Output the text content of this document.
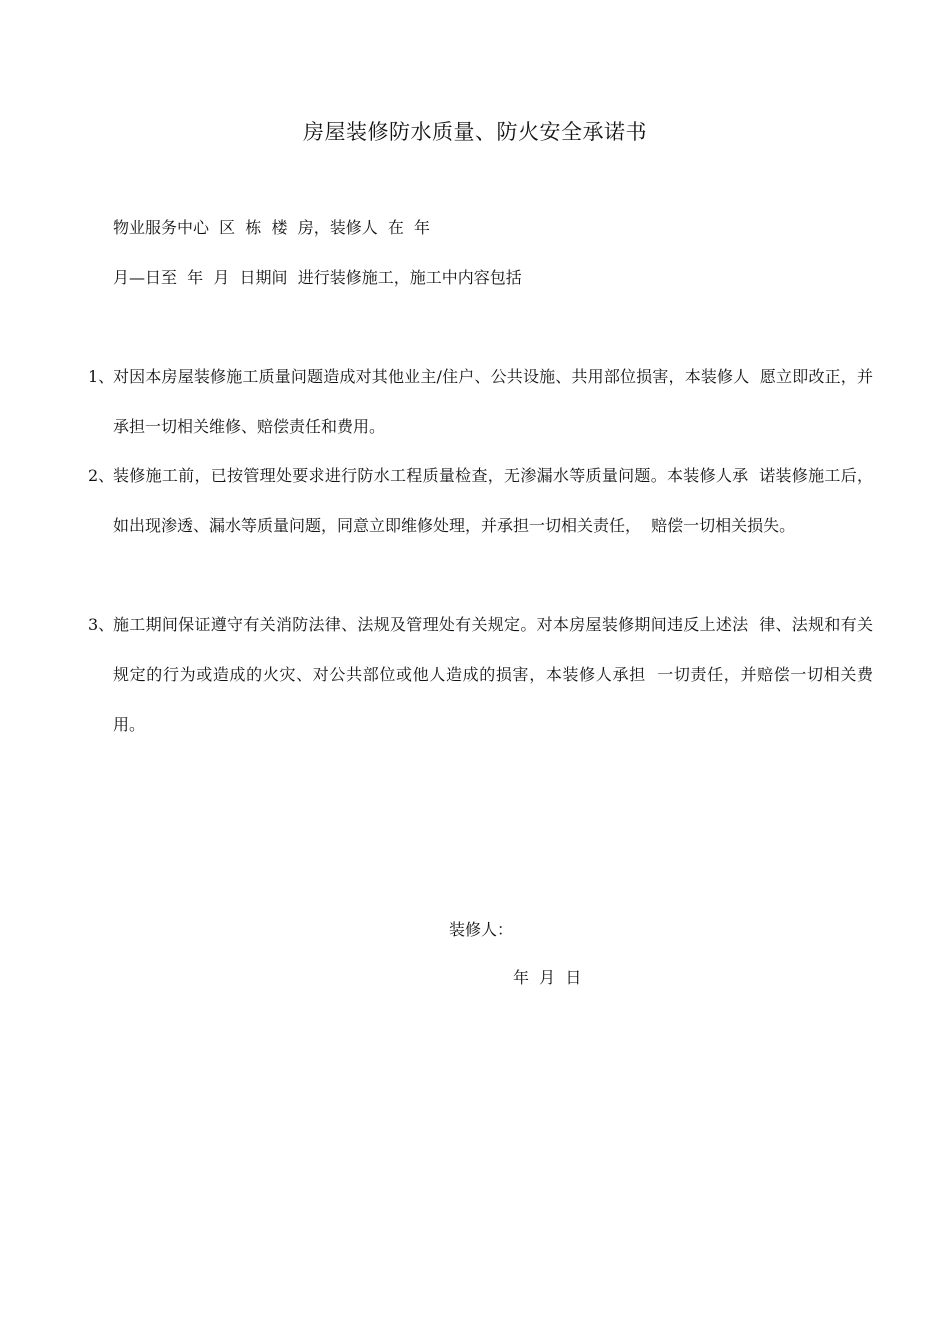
房屋装修防水质量、防火安全承诺书
物业服务中心  区  栋  楼  房，装修人  在  年
月—日至  年  月  日期间  进行装修施工，施工中内容包括
1、
对因本房屋装修施工质量问题造成对其他业主/住户、公共设施、共用部位损害，本装修人  愿立即改正，并承担一切相关维修、赔偿责任和费用。
2、
装修施工前，已按管理处要求进行防水工程质量检查，无渗漏水等质量问题。本装修人承  诺装修施工后，如出现渗透、漏水等质量问题，同意立即维修处理，并承担一切相关责任，  赔偿一切相关损失。
3、
施工期间保证遵守有关消防法律、法规及管理处有关规定。对本房屋装修期间违反上述法  律、法规和有关规定的行为或造成的火灾、对公共部位或他人造成的损害，本装修人承担  一切责任，并赔偿一切相关费用。
装修人：
年  月  日
